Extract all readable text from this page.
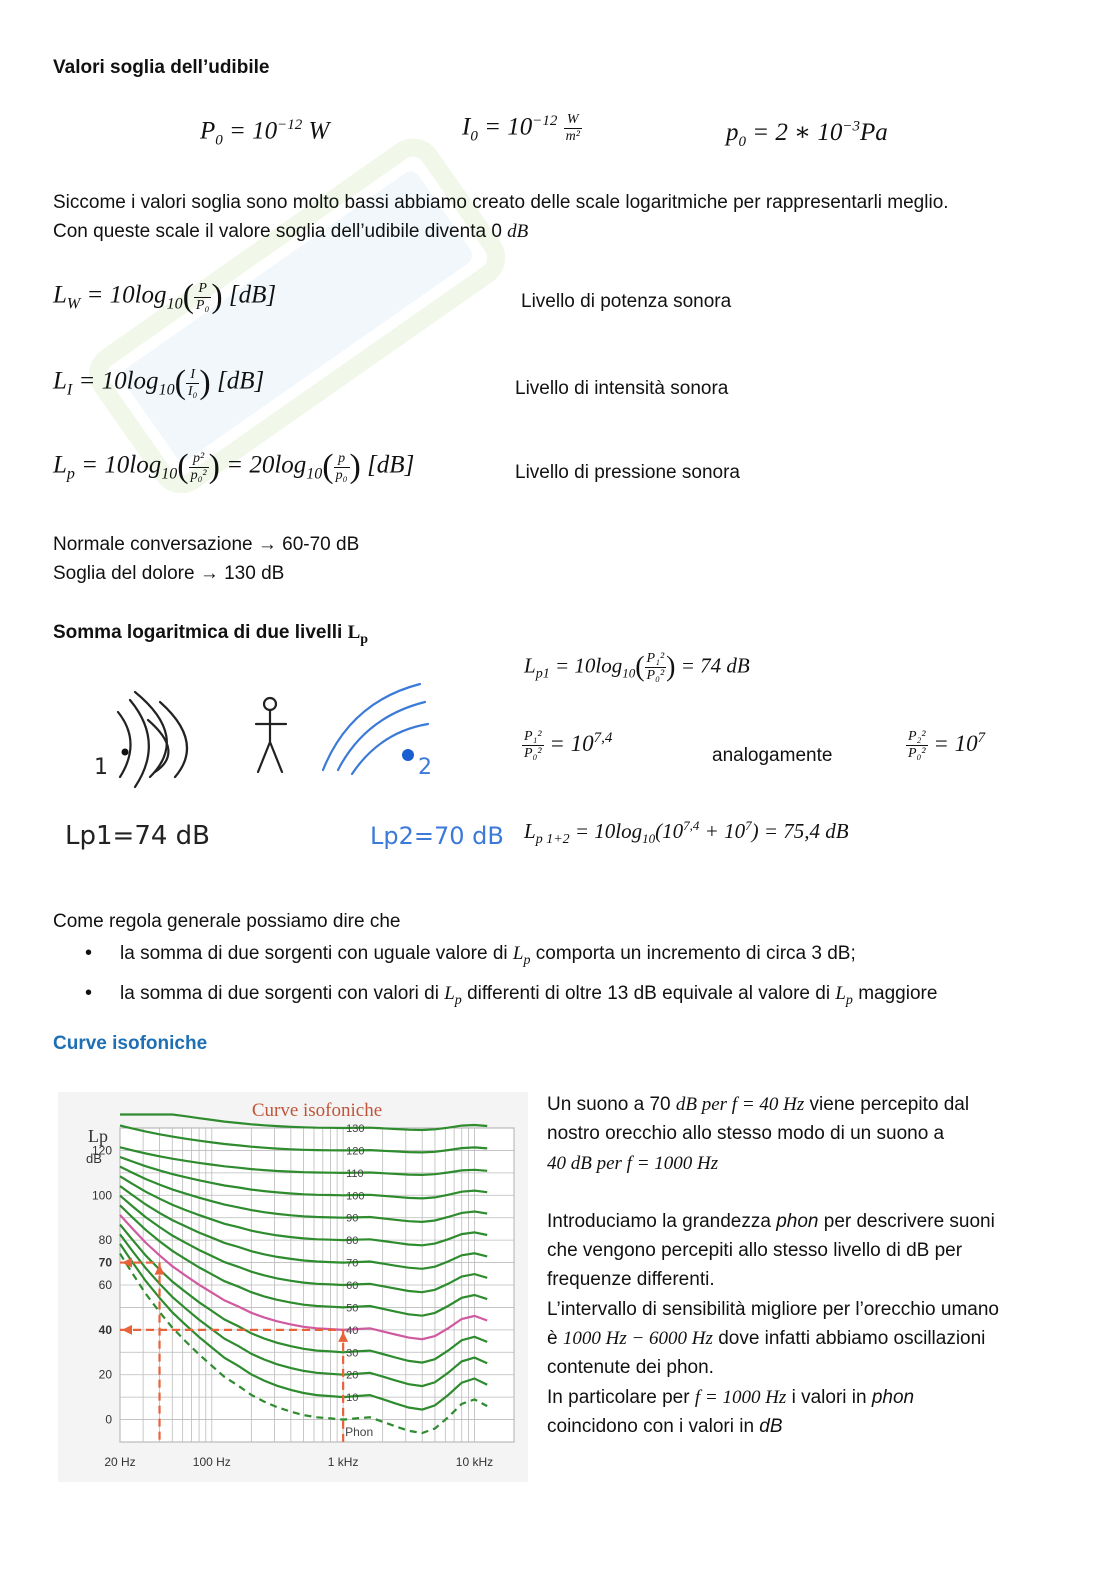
Valori soglia dell’udibile
$P_0 = 10^{-12}$ W	$I_0 = 10^{-12} \frac{W}{\text{m²}}$	$p_0 = 2$ ∗ $10^{-3}Pa$

Siccome i valori soglia sono molto bassi abbiamo creato delle scale logaritmiche per rappresentarli meglio.

Con queste scale il valore soglia dell’udibile diventa 0 dB

$L_W = 10\log_{10}( \frac{P}{\text{P₀}}$ ) [dB]	Livello di potenza sonora
$L_I = 10\log_{10}( \frac{I}{\text{I₀}}$ ) [dB]	Livello di intensità sonora
$L_p = 10\log_{10}( \frac{\text{p²}}{\text{p₀²}}$ ) = $20\log_{10}( \frac{p}{\text{p₀}}$ ) [dB]	Livello di pressione sonora

Normale conversazione → 60-70 dB

Soglia del dolore → 130 dB

Somma logaritmica di due livelli $L_p$
1	2
Lp1=74 dB	Lp2=70 dB
$L_{p1} = 10\log_{10}( \frac{\text{P₁²}}{\text{P₀²}}$ ) = 74 dB
$\frac{\text{P₁²}}{\text{P₀²}} = 10^{7,4}$
analogamente	$\frac{\text{P₂²}}{\text{P₀²}} = 10^7$
$L_{p 1+2} = 10\log_{10}(10^{7,4} + 10^7) = 75,4$ dB

Come regola generale possiamo dire che

• la somma di due sorgenti con uguale valore di $L_p$ comporta un incremento di circa 3 dB;
• la somma di due sorgenti con valori di $L_p$ differenti di oltre 13 dB equivale al valore di $L_p$ maggiore
Curve isofoniche
130
120
110
100
90
80
70
60
50
40
30
20
10
Phon
0
20
40
60
70
80
100
120
20 Hz	100 Hz	1 kHz	10 kHz
Lp
dB
Curve isofoniche	Un suono a 70 dB per f = 40 Hz viene percepito dal
nostro orecchio allo stesso modo di un suono a
40 dB per f = 1000 Hz
Introduciamo la grandezza phon per descrivere suoni
che vengono percepiti allo stesso livello di dB per
frequenze differenti.
L’intervallo di sensibilità migliore per l’orecchio umano
è 1000 Hz − 6000 Hz dove infatti abbiamo oscillazioni
contenute dei phon.
In particolare per f = 1000 Hz i valori in phon
coincidono con i valori in dB
